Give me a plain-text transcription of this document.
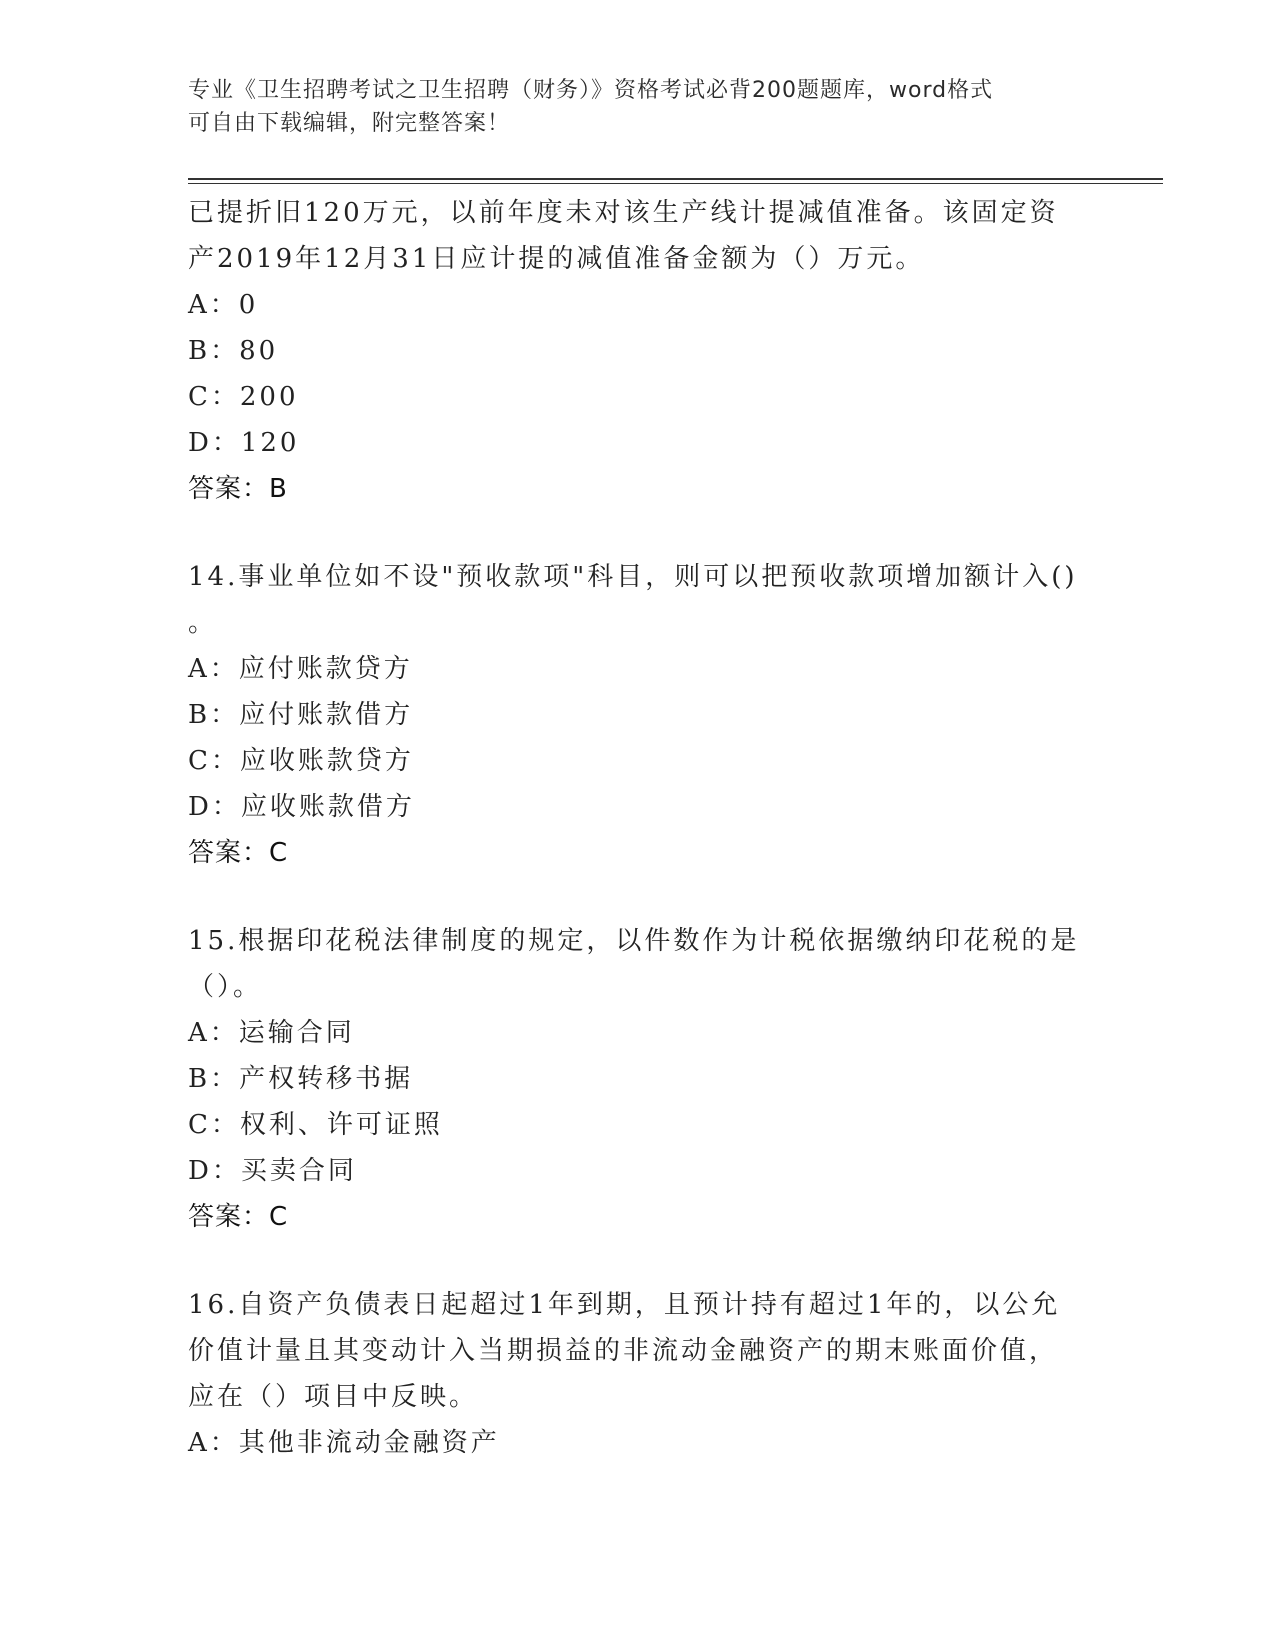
专业《卫生招聘考试之卫生招聘（财务）》资格考试必背200题题库，word格式
可自由下载编辑，附完整答案！
已提折旧120万元，以前年度未对该生产线计提减值准备。该固定资
产2019年12月31日应计提的减值准备金额为（）万元。
A：0
B：80
C：200
D：120
答案：B
14.事业单位如不设"预收款项"科目，则可以把预收款项增加额计入()
。
A：应付账款贷方
B：应付账款借方
C：应收账款贷方
D：应收账款借方
答案：C
15.根据印花税法律制度的规定，以件数作为计税依据缴纳印花税的是
（）。
A：运输合同
B：产权转移书据
C：权利、许可证照
D：买卖合同
答案：C
16.自资产负债表日起超过1年到期，且预计持有超过1年的，以公允
价值计量且其变动计入当期损益的非流动金融资产的期末账面价值，
应在（）项目中反映。
A：其他非流动金融资产
